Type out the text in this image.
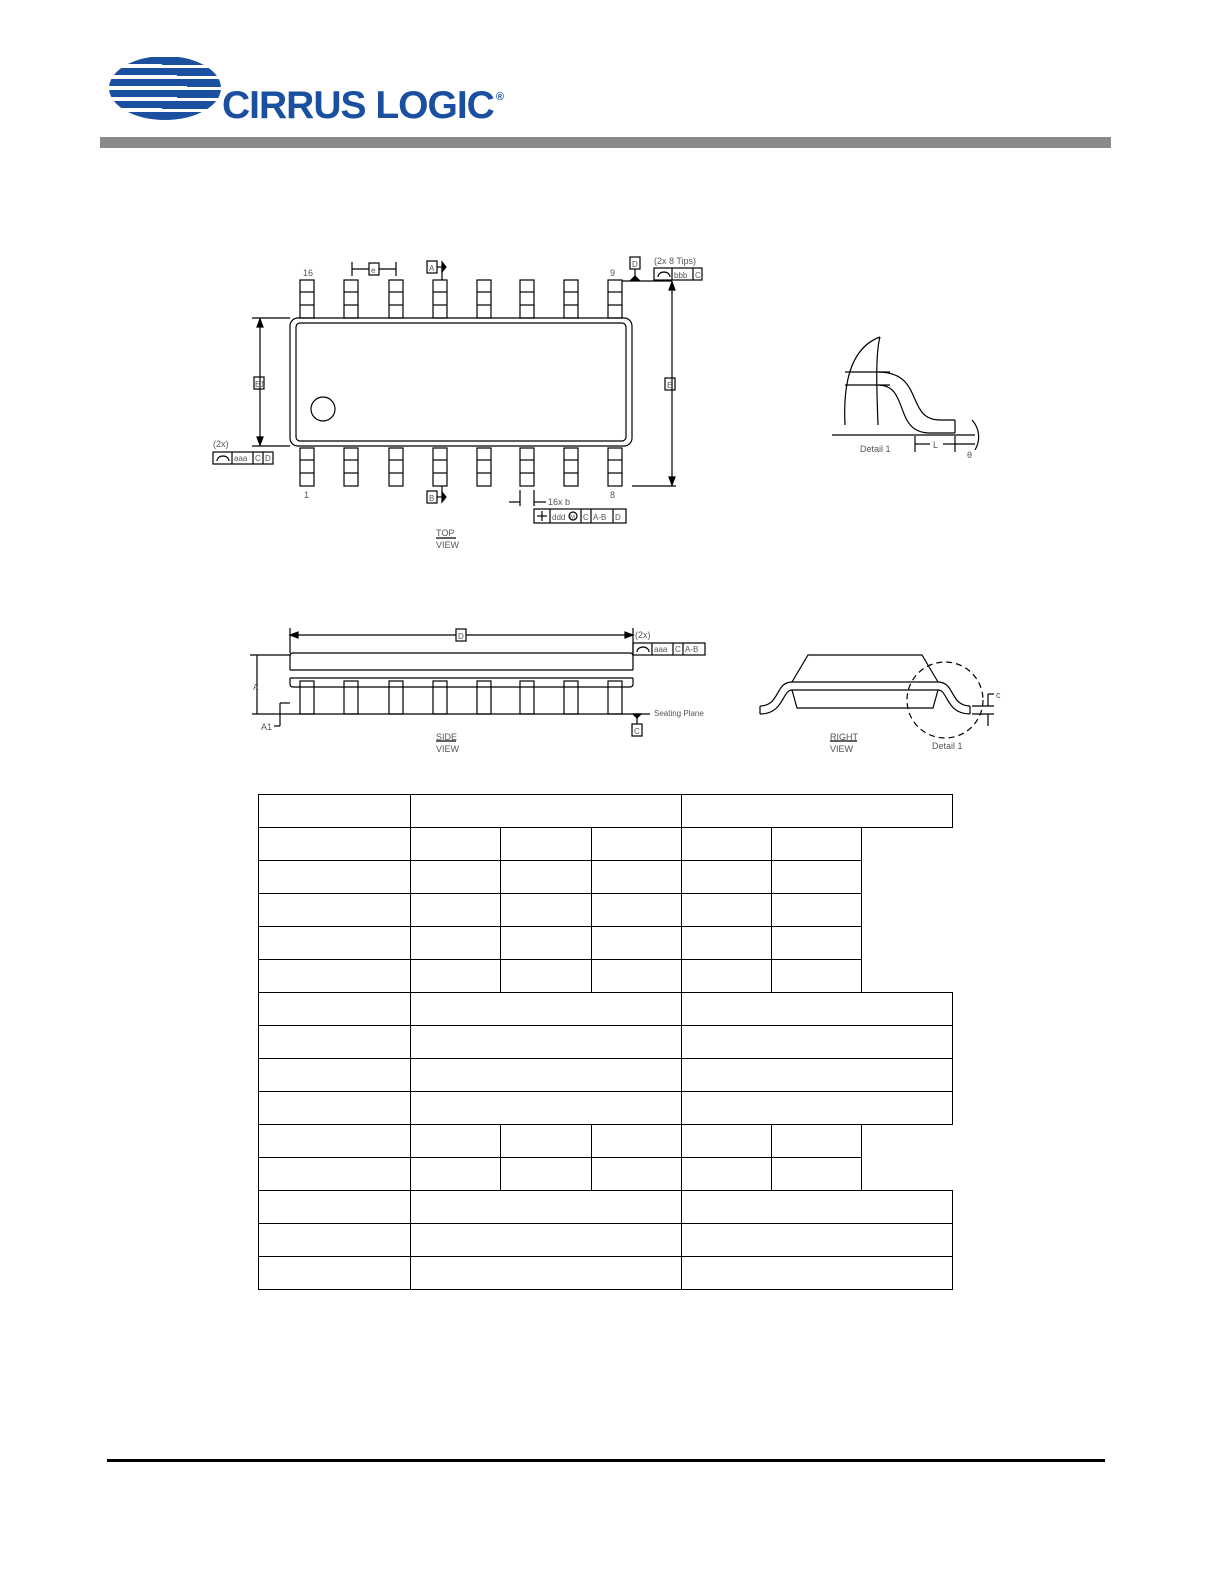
CIRRUS LOGIC ®
16	9
1	8
e	A
B
D
E1	E
(2x 8 Tips)
bbb C
(2x)
aaa C D
16x b
ddd M C A-B D
TOP
VIEW
Detail 1	L
θ
D	(2x)
aaa C A-B
A
A1
Seating Plane
C
SIDE
VIEW
c
RIGHT
VIEW	Detail 1
